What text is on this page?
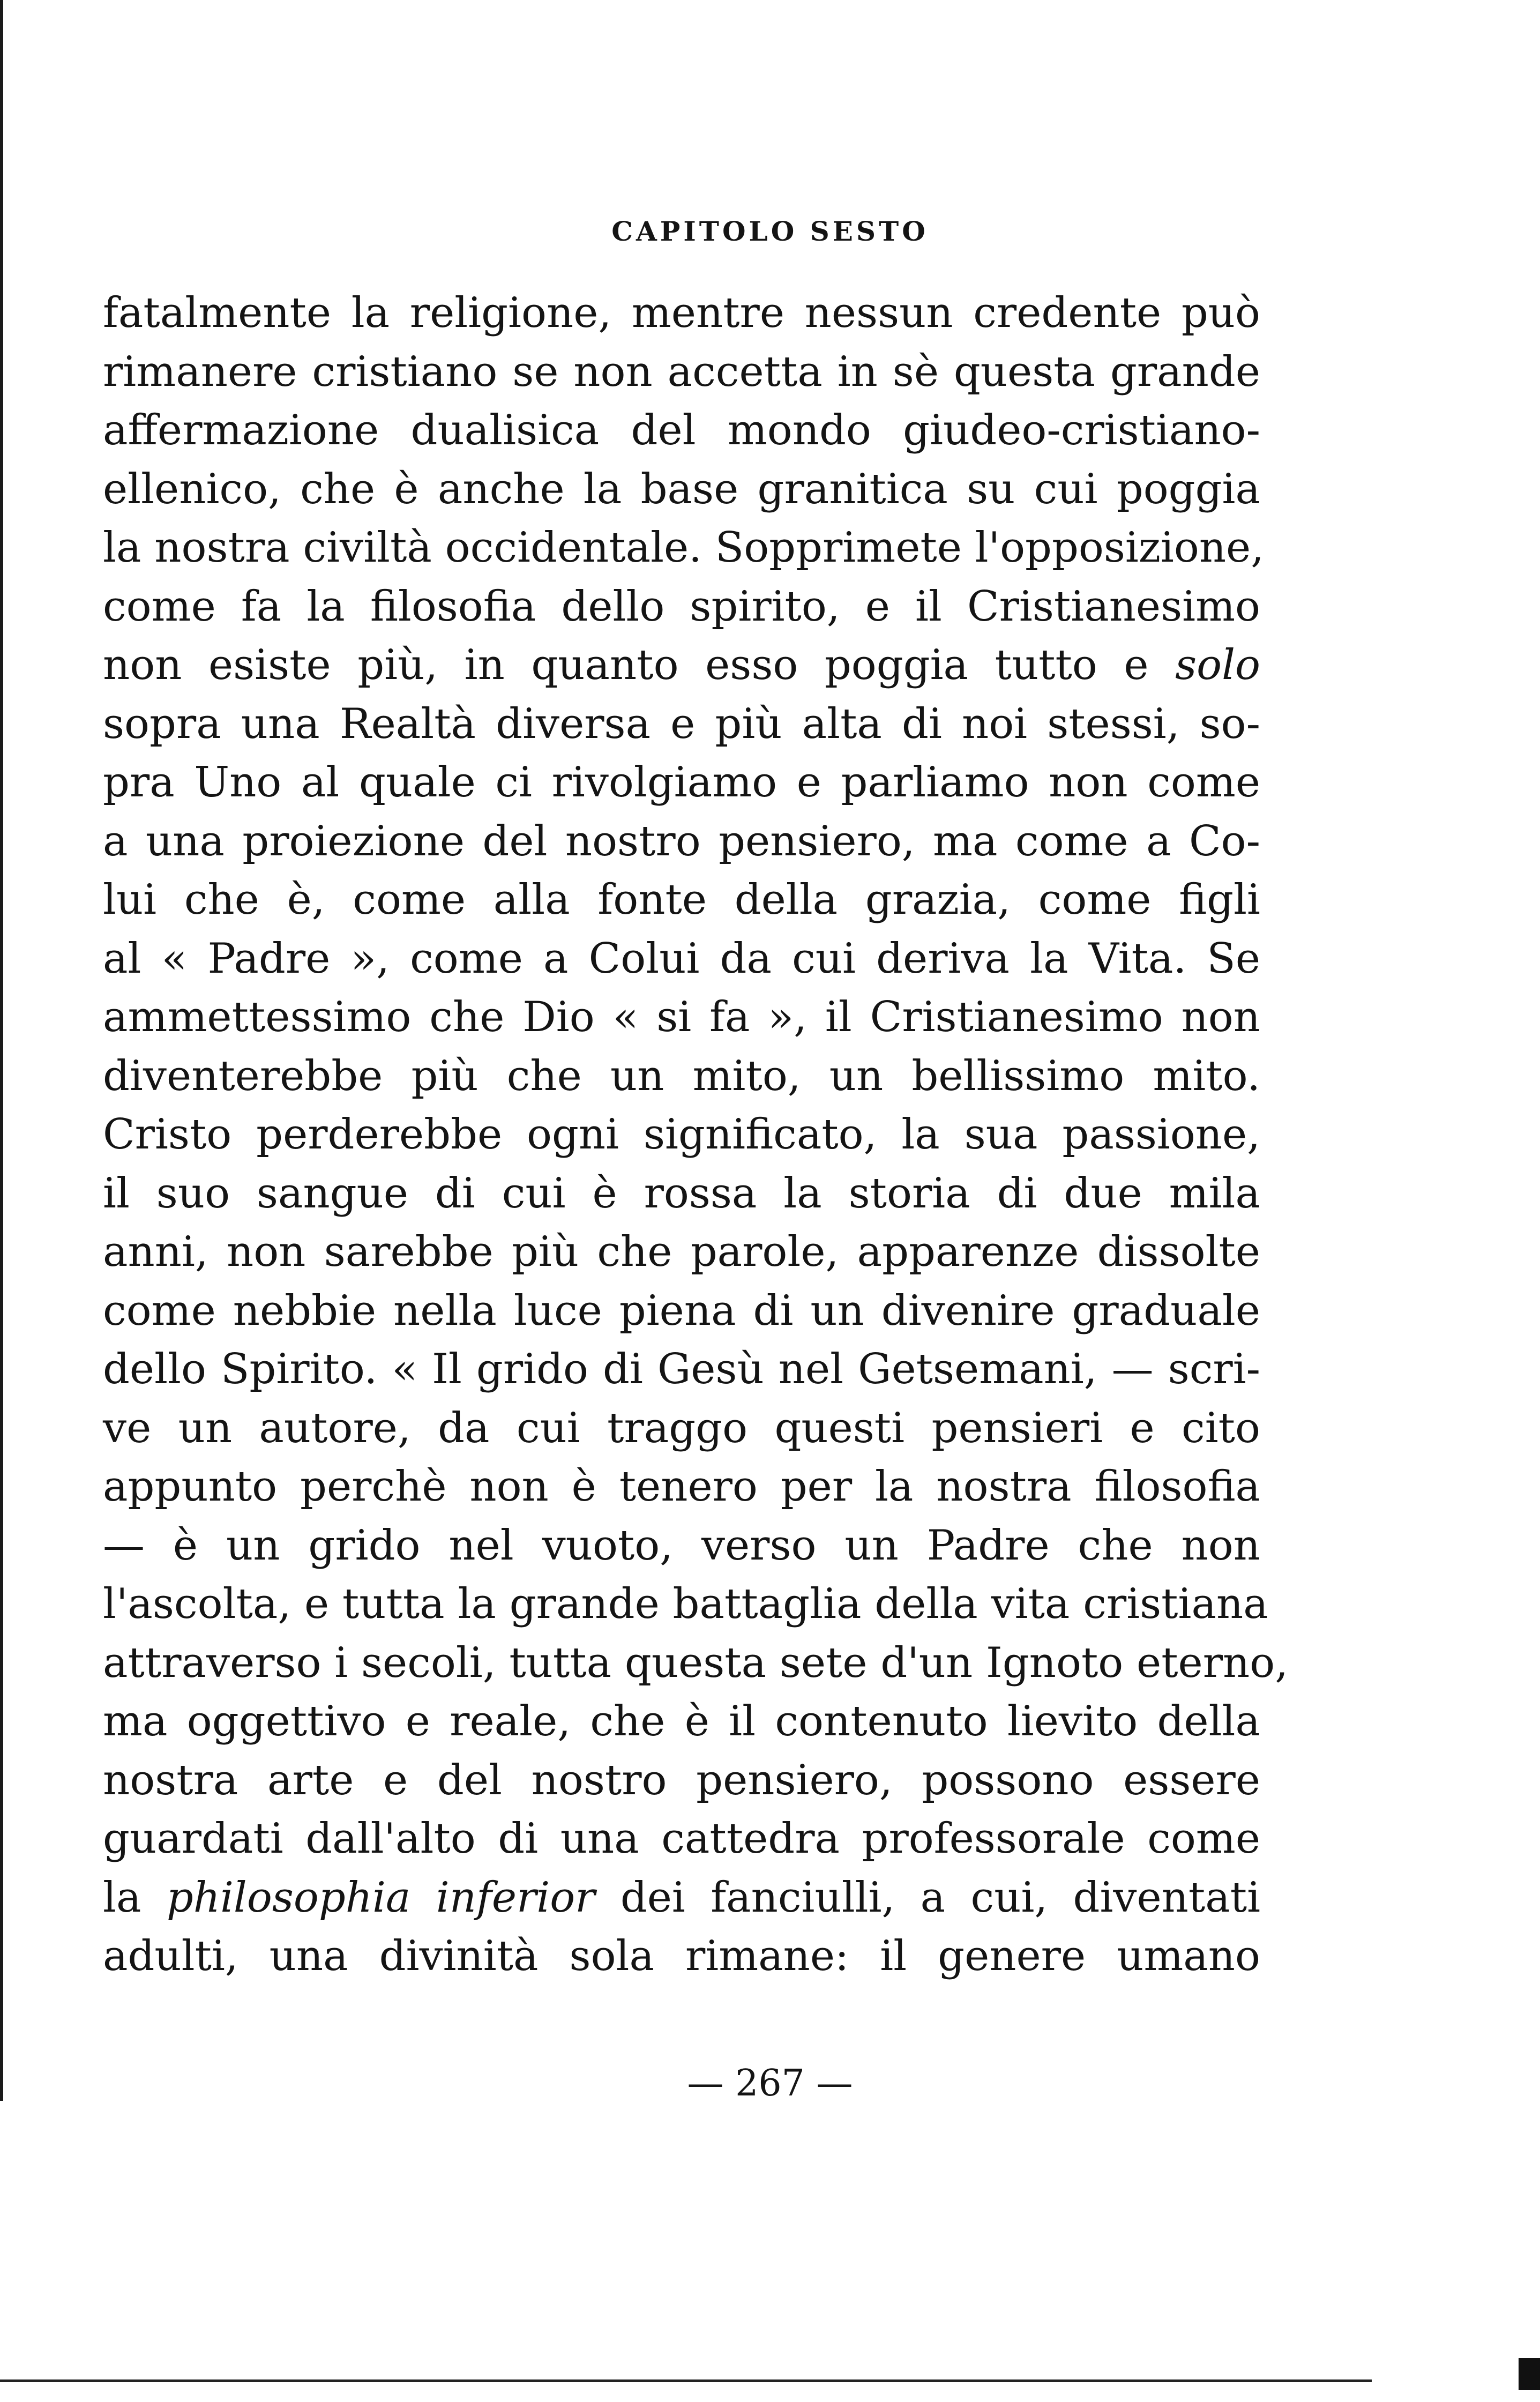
CAPITOLO SESTO
fatalmente la religione, mentre nessun credente può
rimanere cristiano se non accetta in sè questa grande
affermazione dualisica del mondo giudeo-cristiano-
ellenico, che è anche la base granitica su cui poggia
la nostra civiltà occidentale. Sopprimete l'opposizione,
come fa la filosofia dello spirito, e il Cristianesimo
non esiste più, in quanto esso poggia tutto e solo
sopra una Realtà diversa e più alta di noi stessi, so-
pra Uno al quale ci rivolgiamo e parliamo non come
a una proiezione del nostro pensiero, ma come a Co-
lui che è, come alla fonte della grazia, come figli
al « Padre », come a Colui da cui deriva la Vita. Se
ammettessimo che Dio « si fa », il Cristianesimo non
diventerebbe più che un mito, un bellissimo mito.
Cristo perderebbe ogni significato, la sua passione,
il suo sangue di cui è rossa la storia di due mila
anni, non sarebbe più che parole, apparenze dissolte
come nebbie nella luce piena di un divenire graduale
dello Spirito. « Il grido di Gesù nel Getsemani, — scri-
ve un autore, da cui traggo questi pensieri e cito
appunto perchè non è tenero per la nostra filosofia
— è un grido nel vuoto, verso un Padre che non
l'ascolta, e tutta la grande battaglia della vita cristiana
attraverso i secoli, tutta questa sete d'un Ignoto eterno,
ma oggettivo e reale, che è il contenuto lievito della
nostra arte e del nostro pensiero, possono essere
guardati dall'alto di una cattedra professorale come
la philosophia inferior dei fanciulli, a cui, diventati
adulti, una divinità sola rimane: il genere umano
— 267 —
